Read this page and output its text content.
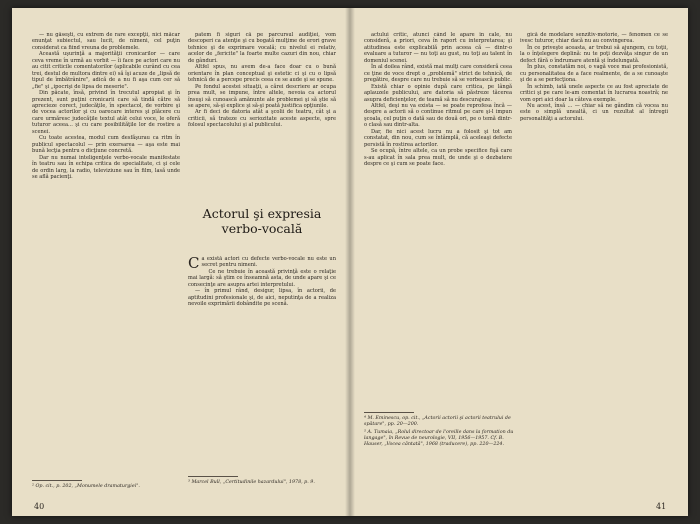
— nu găseşti, cu extrem de rare excepţii, nici măcar enunţat subiectul, sau lucit, de nimeni, cel puţin considerat ca fiind vreuna de problemele.

Această uşurinţă a majorităţii cronicarilor — care ceva vreme în urmă au vorbit — îi face pe actori care nu au citit criticile comentatorilor (aplicabile curând cu cea trei, destul de multora dintre ei) să îşi acuze de „lipsă de tipul de îmbătrânire", adică de a nu fi aşa cum cer să „fie" şi „ipocrişi de lipsa de meserie".

Din păcate, însă, privind în trecutul apropiat şi în prezent, sunt puţini cronicarii care să tindă către să aprecieze corect, judecăţile, în spectacol, de vorbire şi de vocea actorilor şi cu oarecare interes şi plăcere cu care urmăresc judecăţile textul atât celui voce, le oferă tuturor aceea... şi cu care posibilităţile lor de rostire a scenei.

Cu toate acestea, modul cum desfăşurau ca ritm în publicul spectacolul — prin exersarea — aşa este mai bună lecţia pentru o dicţiune concretă.

Dar nu numai inteligenţele verbo-vocale manifestate în teatru sau în echipa critica de specialitate, ci şi cele de ordin larg, la radio, televiziune sau în film, lasă unde se află pacienţi.

² Op. cit., p. 202, „Monumele dramaturgiei".

patem fi siguri că pe parcursul audiţiei, vom descoperi ca atenţie şi cu bogată mulţime de erori grave tehnice şi de exprimare vocală; cu nivelul ei relativ, acelor de „fericite" la foarte multe cazuri din nou, chiar de gânduri.

Altfel spus, nu avem de-a face doar cu o bună orientare în plan conceptual şi estetic ci şi cu o lipsă tehnică de a percepe precis ceea ce se aude şi se spune.

Pe fondul acestei situaţii, a cărei descriere ar ocupa prea mult, se impune, între altele, nevoia ca actorul însuşi să cunoască amănunte ale problemei şi să ştie să se apere, să-şi explice şi să-şi poată justifica opţiunile.

Ar fi deci de datoria atât a şcolii de teatru, cât şi a criticii, să trateze cu seriozitate aceste aspecte, spre folosul spectacolului şi al publicului.

Actorul şi expresia verbo-vocală

Ca există actori cu defecte verbo-vocale nu este un secret pentru nimeni.

Ce ne trebuie în această privinţă este o relaţie mai largă: să ştim ce înseamnă asta, de unde apare şi ce consecinţe are asupra artei interpretului.

— în primul rând, desigur, lipsa, în actorii, de aptitudini profesionale şi, de aici, neputinţa de a realiza nevoile exprimării dobândite pe scenă.

³ Marcel Bull, „Certitudinile hazardului", 1978, p. 9.
40

actului critic, atunci când le apare în cale, nu consideră, a priori, ceva în raport cu interpretarea; şi atitudinea este explicabilă prin aceea că — dintr-o evaluare a tuturor — nu toţi au gust, nu toţi au talent în domeniul scenei.

În al doilea rând, există mai mulţi care consideră ceea ce ţine de voce drept o „problemă" strict de tehnică, de pregătire, despre care nu trebuie să se vorbească public.

Există chiar o opinie după care critica, pe lângă aplauzele publicului, are datoria să păstreze tăcerea asupra deficienţelor, de teamă să nu descurajeze.

Altfel, deşi nu va exista — se poate reprofesa încă — despre a actorii să o continue ritmul pe care şi-l impun şcoala, cel puţin o dată sau de două ori, pe o temă dintr-o clasă sau dintr-alta.

Dar, fie nici acest lucru nu a folosit şi tot am constatat, din nou, cum se întâmplă, că aceleaşi defecte persistă în rostirea actorilor.

Se ocupă, între altele, ca un probe specifice fişă care s-au aplicat în sala prea mult, de unde şi o dezbatere despre ce şi cum se poate face.

⁴ M. Eminescu, op. cit., „Actorii actorii şi actorii teatrului de spătare", pp. 20—200.
⁵ A. Tumaia, „Rolul directoar de l'oreille dans la formation du langage", în Revue de neurologie, VII, 1956—1957. Cf. B. Hauser, „Vocea cântată", 1968 (traducere), pp. 220—224.

gică de modelare senzitiv-motorie, — fenomen ce se ivesc tuturor, chiar dacă nu au convingerea.

În ce priveşte aceasta, ar trebui să ajungem, cu toţii, la o înţelegere deplină: nu te poţi dezvăţa singur de un defect fără o îndrumare atentă şi îndelungată.

În plus, constatăm noi, o vagă voce mai profesionistă, cu personalitatea de a face realmente, de a se cunoaşte şi de a se perfecţiona.

În schimb, iată unele aspecte ce au fost apreciate de critici şi pe care le-am comentat în lucrarea noastră; ne vom opri aici doar la câteva exemple.

Nu acest, însă ... — chiar să ne gândim că vocea nu este o simplă unealtă, ci un rezultat al întregii personalităţi a actorului.

41
